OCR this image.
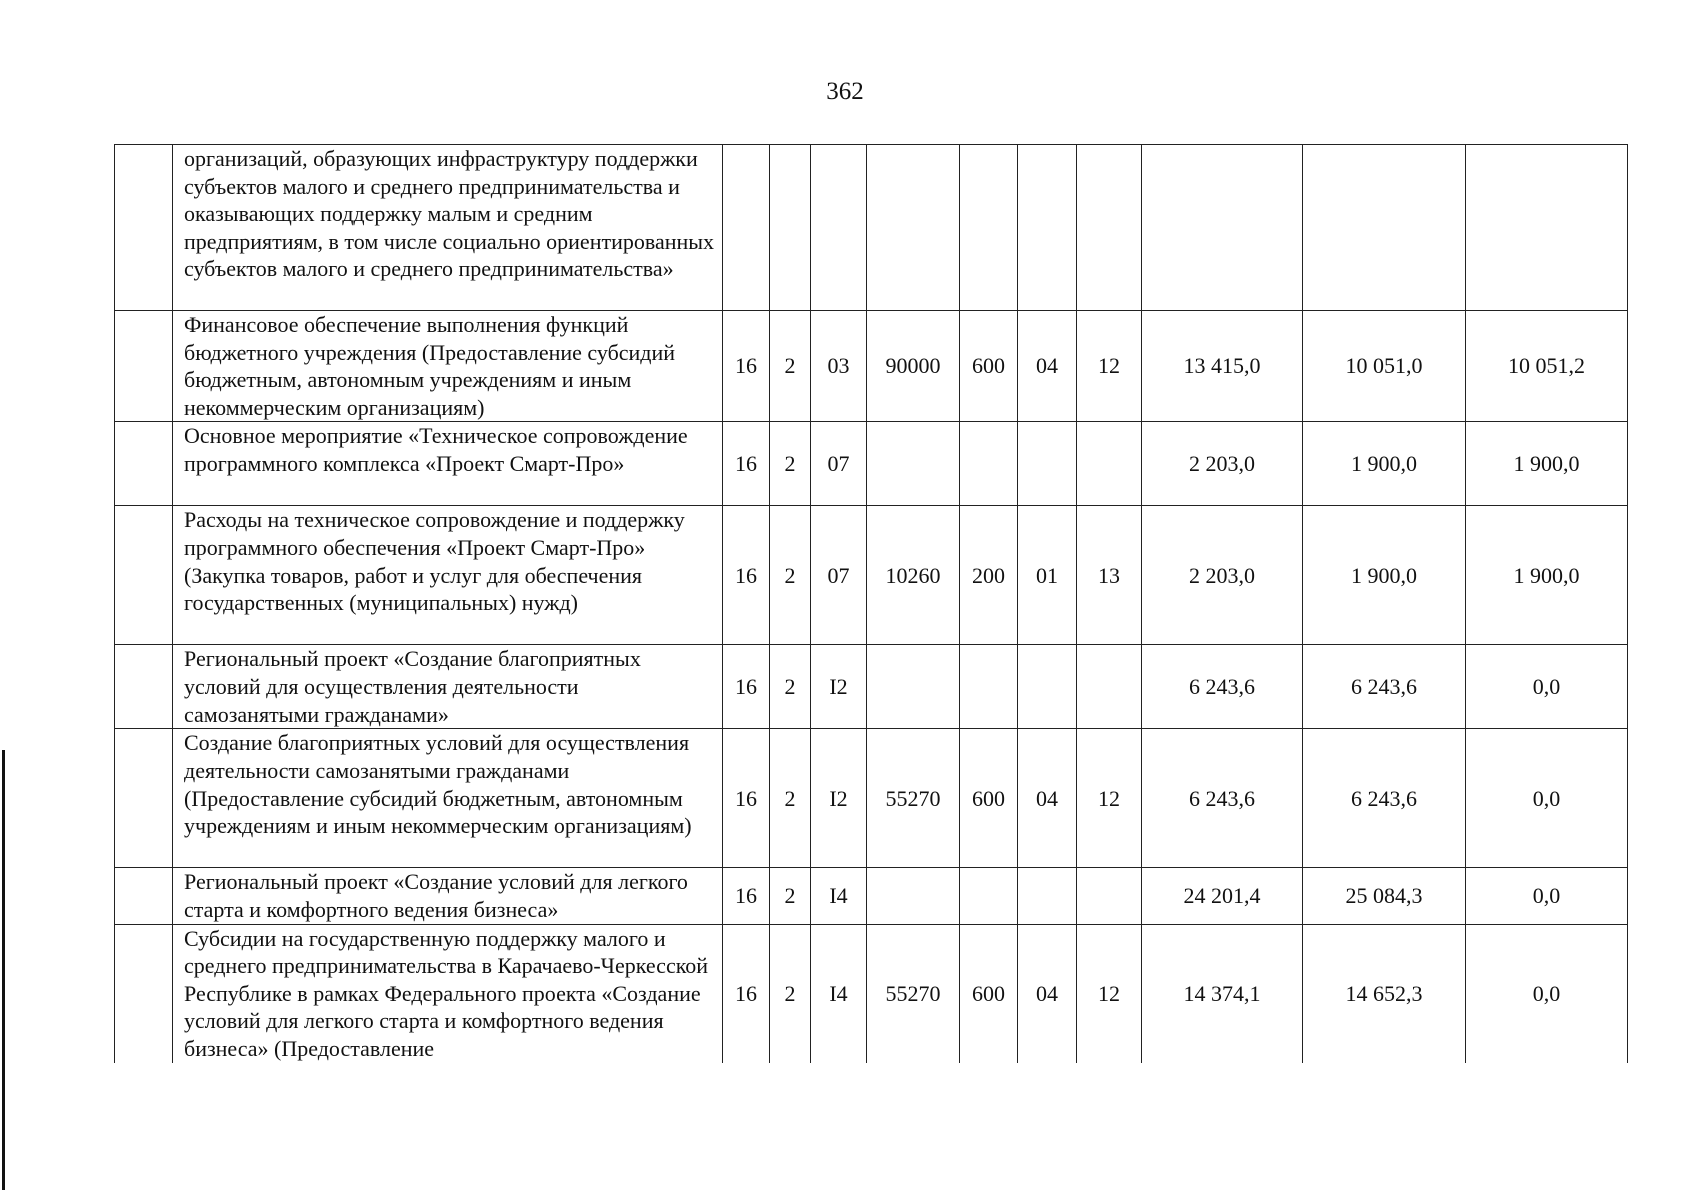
362
	организаций, образующих инфраструктуру поддержки субъектов малого и среднего предпринимательства и оказывающих поддержку малым и средним предприятиям, в том числе социально ориентированных субъектов малого и среднего предпринимательства»										
	Финансовое обеспечение выполнения функций бюджетного учреждения (Предоставление субсидий бюджетным, автономным учреждениям и иным некоммерческим организациям)	16	2	03	90000	600	04	12	13 415,0	10 051,0	10 051,2
	Основное мероприятие «Техническое сопровождение программного комплекса «Проект Смарт-Про»	16	2	07					2 203,0	1 900,0	1 900,0
	Расходы на техническое сопровождение и поддержку программного обеспечения «Проект Смарт-Про» (Закупка товаров, работ и услуг для обеспечения государственных (муниципальных) нужд)	16	2	07	10260	200	01	13	2 203,0	1 900,0	1 900,0
	Региональный проект «Создание благоприятных условий для осуществления деятельности самозанятыми гражданами»	16	2	I2					6 243,6	6 243,6	0,0
	Создание благоприятных условий для осуществления деятельности самозанятыми гражданами (Предоставление субсидий бюджетным, автономным учреждениям и иным некоммерческим организациям)	16	2	I2	55270	600	04	12	6 243,6	6 243,6	0,0
	Региональный проект «Создание условий для легкого старта и комфортного ведения бизнеса»	16	2	I4					24 201,4	25 084,3	0,0
	Субсидии на государственную поддержку малого и среднего предпринимательства в Карачаево-Черкесской Республике в рамках Федерального проекта «Создание условий для легкого старта и комфортного ведения бизнеса» (Предоставление	16	2	I4	55270	600	04	12	14 374,1	14 652,3	0,0
